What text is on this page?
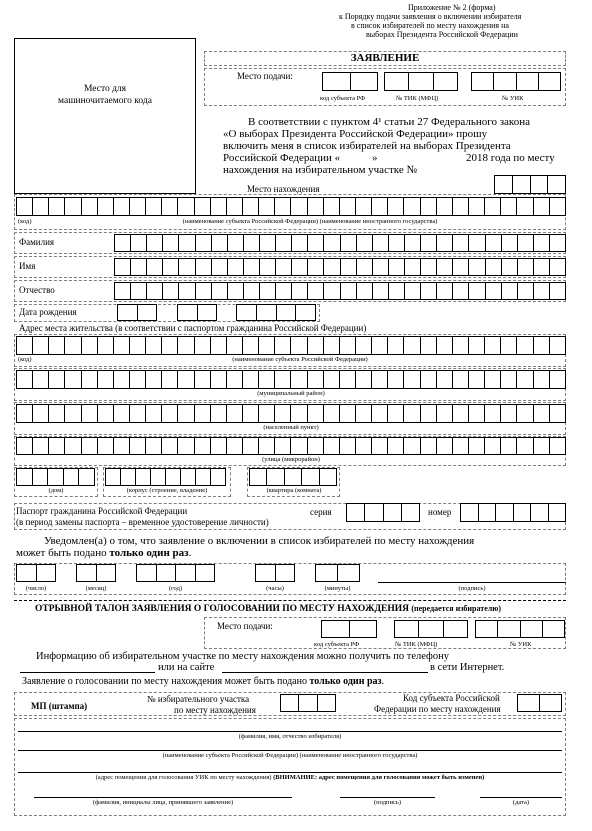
Приложение № 2 (форма)
к Порядку подачи заявления о включении избирателя
в список избирателей по месту нахождения на
выборах Президента Российской Федерации
Место для
машиночитаемого кода
ЗАЯВЛЕНИЕ
Место подачи:
код субъекта РФ	№ ТИК (МФЦ)	№ УИК
В соответствии с пунктом 4¹ статьи 27 Федерального закона
«О выборах Президента Российской Федерации» прошу
включить меня в список избирателей на выборах Президента
Российской Федерации «	»	2018 года по месту
нахождения на избирательном участке №
Место нахождения
(код)	(наименование субъекта Российской Федерации) (наименование иностранного государства)
Фамилия
Имя
Отчество
Дата рождения
Адрес места жительства (в соответствии с паспортом гражданина Российской Федерации)
(код)	(наименование субъекта Российской Федерации)
(муниципальный район)
(населенный пункт)
(улица (микрорайон)
(дом)	(корпус (строение, владение)	(квартира (комната)
Паспорт гражданина Российской Федерации
(в период замены паспорта – временное удостоверение личности)
серия	номер
Уведомлен(а) о том, что заявление о включении в список избирателей по месту нахождения
может быть подано только один раз.
(число)	(месяц)	(год)	(часы)	(минуты)	(подпись)
ОТРЫВНОЙ ТАЛОН ЗАЯВЛЕНИЯ О ГОЛОСОВАНИИ ПО МЕСТУ НАХОЖДЕНИЯ (передается избирателю)
Место подачи:
код субъекта РФ	№ ТИК (МФЦ)	№ УИК
Информацию об избирательном участке по месту нахождения можно получить по телефону
или на сайте	в сети Интернет.
Заявление о голосовании по месту нахождения может быть подано только один раз.
МП (штампа)
№ избирательного участка
по месту нахождения
Код субъекта Российской
Федерации по месту нахождения
(фамилия, имя, отчество избирателя)
(наименование субъекта Российской Федерации) (наименование иностранного государства)
(адрес помещения для голосования УИК по месту нахождения) (ВНИМАНИЕ: адрес помещения для голосования может быть изменен)
(фамилия, инициалы лица, принявшего заявление)	(подпись)	(дата)
